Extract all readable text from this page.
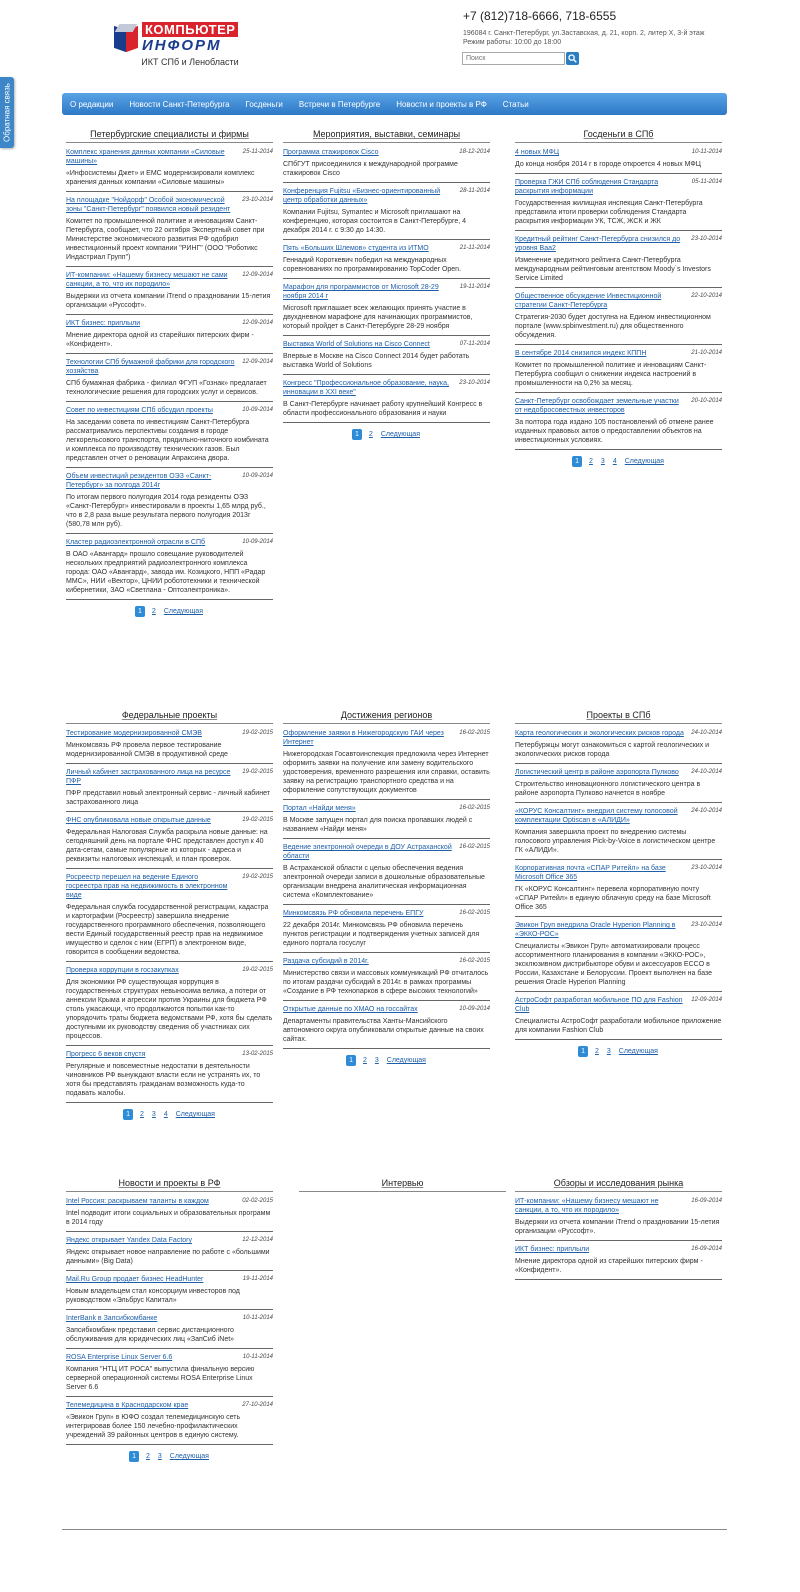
Обратная связь
КОМПЬЮТЕР
ИНФОРМ
ИКТ СПб и Ленобласти
+7 (812)718-6666, 718-6555
196084 г. Санкт-Петербург, ул.Заставская, д. 21, корп. 2, литер X, 3-й этаж
Режим работы: 10:00 до 18:00
Поиск
О редакции Новости Санкт-Петербурга Госденьги Встречи в Петербурге Новости и проекты в РФ Статьи
Петербургские специалисты и фирмы
Комплекс хранения данных компании «Силовые машины»
25-11-2014
«Инфосистемы Джет» и EMC модернизировали комплекс хранения данных компании «Силовые машины»
На площадке "Нойдорф" Особой экономической зоны "Санкт-Петербург" появился новый резидент
23-10-2014
Комитет по промышленной политике и инновациям Санкт-Петербурга, сообщает, что 22 октября Экспертный совет при Министерстве экономического развития РФ одобрил инвестиционный проект компании "РИНГ" (ООО "Роботикс Индастриал Групп")
ИТ-компании: «Нашему бизнесу мешают не сами санкции, а то, что их породило»
12-09-2014
Выдержки из отчета компании iTrend о праздновании 15-летия организации «Руссофт».
ИКТ бизнес: приплыли	12-09-2014
Мнение директора одной из старейших питерских фирм - «Конфидент».
Технологии СПб бумажной фабрики для городского хозяйства
12-09-2014
СПб бумажная фабрика - филиал ФГУП «Гознак» предлагает технологические решения для городских услуг и сервисов.
Совет по инвестициям СПб обсудил проекты	10-09-2014
На заседании совета по инвестициям Санкт-Петербурга рассматривались перспективы создания в городе легкорельсового транспорта, прядильно-ниточного комбината и комплекса по производству технических газов. Был представлен отчет о реновации Апраксина двора.
Объем инвестиций резидентов ОЭЗ «Санкт-Петербург» за полгода 2014г
10-09-2014
По итогам первого полугодия 2014 года резиденты ОЭЗ «Санкт-Петербург» инвестировали в проекты 1,65 млрд руб., что в 2,8 раза выше результата первого полугодия 2013г (580,78 млн руб).
Кластер радиоэлектронной отрасли в СПб	10-09-2014
В ОАО «Авангард» прошло совещание руководителей нескольких предприятий радиоэлектронного комплекса города: ОАО «Авангард», завода им. Козицкого, НПП «Радар ММС», НИИ «Вектор», ЦНИИ робототехники и технической кибернетики, ЗАО «Светлана - Оптоэлектроника».
1	2 Следующая
Мероприятия, выставки, семинары
Программа стажировок Cisco	18-12-2014
СПбГУТ присоединился к международной программе стажировок Cisco
Конференция Fujitsu «Бизнес-ориентированный центр обработки данных»
28-11-2014
Компании Fujitsu, Symantec и Microsoft приглашают на конференцию, которая состоится в Санкт-Петербурге, 4 декабря 2014 г. с 9:30 до 14:30.
Пять «Больших Шлемов» студента из ИТМО	21-11-2014
Геннадий Короткевич победил на международных соревнованиях по программированию TopCoder Open.
Марафон для программистов от Microsoft 28-29 ноября 2014 г
19-11-2014
Microsoft приглашает всех желающих принять участие в двухдневном марафоне для начинающих программистов, который пройдет в Санкт-Петербурге 28-29 ноября
Выставка World of Solutions на Cisco Connect	07-11-2014
Впервые в Москве на Cisco Connect 2014 будет работать выставка World of Solutions
Конгресс "Профессиональное образование, наука, инновации в XXI веке"
23-10-2014
В Санкт-Петербурге начинает работу крупнейший Конгресс в области профессионального образования и науки
1	2 Следующая
Госденьги в СПб
4 новых МФЦ	10-11-2014
До конца ноября 2014 г в городе откроется 4 новых МФЦ
Проверка ГЖИ СПб соблюдения Стандарта раскрытия информации
05-11-2014
Государственная жилищная инспекция Санкт-Петербурга представила итоги проверки соблюдения Стандарта раскрытия информации УК, ТСЖ, ЖСК и ЖК
Кредитный рейтинг Санкт-Петербурга снизился до уровня Baa2
23-10-2014
Изменение кредитного рейтинга Санкт-Петербурга международным рейтинговым агентством Moody`s Investors Service Limited
Общественное обсуждение Инвестиционной стратегии Санкт-Петербурга
22-10-2014
Стратегия-2030 будет доступна на Едином инвестиционном портале (www.spbinvestment.ru) для общественного обсуждения.
В сентябре 2014 снизился индекс КППН	21-10-2014
Комитет по промышленной политике и инновациям Санкт-Петербурга сообщил о снижении индекса настроений в промышленности на 0,2% за месяц.
Санкт-Петербург освобождает земельные участки от недобросовестных инвесторов
20-10-2014
За полтора года издано 105 постановлений об отмене ранее изданных правовых актов о предоставлении объектов на инвестиционных условиях.
1	2 3 4 Следующая
Федеральные проекты
Тестирование модернизированной СМЭВ	19-02-2015
Минкомсвязь РФ провела первое тестирование модернизированной СМЭВ в продуктивной среде
Личный кабинет застрахованного лица на ресурсе ПФР
19-02-2015
ПФР представил новый электронный сервис - личный кабинет застрахованного лица
ФНС опубликовала новые открытые данные	19-02-2015
Федеральная Налоговая Служба раскрыла новые данные: на сегодняшний день на портале ФНС представлен доступ к 40 дата-сетам, самые популярные из которых - адреса и реквизиты налоговых инспекций, и план проверок.
Росреестр перешел на ведение Единого госреестра прав на недвижимость в электронном виде
19-02-2015
Федеральная служба государственной регистрации, кадастра и картографии (Росреестр) завершила внедрение государственного программного обеспечения, позволяющего вести Единый государственный реестр прав на недвижимое имущество и сделок с ним (ЕГРП) в электронном виде, говорится в сообщении ведомства.
Проверка коррупции в госзакупках	19-02-2015
Для экономики РФ существующая коррупция в государственных структурах невыносима велика, а потери от аннексии Крыма и агрессии против Украины для бюджета РФ столь ужасающи, что продолжаются попытки как-то упорядочить траты бюджета ведомствами РФ, хотя бы сделать доступными их руководству сведения об участниках сих процессов.
Прогресс 6 веков спустя	13-02-2015
Регулярные и повсеместные недостатки в деятельности чиновников РФ вынуждают власти если не устранять их, то хотя бы представлять гражданам возможность куда-то подавать жалобы.
1	2 3 4 Следующая
Достижения регионов
Оформление заявки в Нижегородскую ГАИ через Интернет
16-02-2015
Нижегородская Госавтоинспекция предложила через Интернет оформить заявки на получение или замену водительского удостоверения, временного разрешения или справки, оставить заявку на регистрацию транспортного средства и на оформление сопутствующих документов
Портал «Найди меня»	16-02-2015
В Москве запущен портал для поиска пропавших людей с названием «Найди меня»
Ведение электронной очереди в ДОУ Астраханской области
16-02-2015
В Астраханской области с целью обеспечения ведения электронной очереди записи в дошкольные образовательные организации внедрена аналитическая информационная система «Комплектование»
Минкомсвязь РФ обновила перечень ЕПГУ	16-02-2015
22 декабря 2014г. Минкомсвязь РФ обновила перечень пунктов регистрации и подтверждения учетных записей для единого портала госуслуг
Раздача субсидий в 2014г.	16-02-2015
Министерство связи и массовых коммуникаций РФ отчиталось по итогам раздачи субсидий в 2014г. в рамках программы «Создание в РФ технопарков в сфере высоких технологий»
Открытые данные по ХМАО на госсайтах	10-09-2014
Департаменты правительства Ханты-Мансийского автономного округа опубликовали открытые данные на своих сайтах.
1	2 3 Следующая
Проекты в СПб
Карта геологических и экологических рисков города 24-10-2014
Петербуржцы могут ознакомиться с картой геологических и экологических рисков города
Логистический центр в районе аэропорта Пулково	24-10-2014
Строительство инновационного логистического центра в районе аэропорта Пулково начнется в ноябре
«КОРУС Консалтинг» внедрил систему голосовой комплектации Optiscan в «АЛИДИ»
24-10-2014
Компания завершила проект по внедрению системы голосового управления Pick-by-Voice в логистическом центре ГК «АЛИДИ».
Корпоративная почта «СПАР Ритейл» на базе Microsoft Office 365
23-10-2014
ГК «КОРУС Консалтинг» перевела корпоративную почту «СПАР Ритейл» в единую облачную среду на базе Microsoft Office 365
Эвикон Груп внедрила Oracle Hyperion Planning в «ЭККО-РОС»
23-10-2014
Специалисты «Эвикон Груп» автоматизировали процесс ассортиментного планирования в компании «ЭККО-РОС», эксклюзивном дистрибьюторе обуви и аксессуаров ECCO в России, Казахстане и Белоруссии. Проект выполнен на базе решения Oracle Hyperion Planning
АстроСофт разработал мобильное ПО для Fashion Club
12-09-2014
Специалисты АстроСофт разработали мобильное приложение для компании Fashion Club
1	2 3 Следующая
Новости и проекты в РФ
Intel Россия: раскрываем таланты в каждом	02-02-2015
Intel подводит итоги социальных и образовательных программ в 2014 году
Яндекс открывает Yandex Data Factory	12-12-2014
Яндекс открывает новое направление по работе с «большими данными» (Big Data)
Mail.Ru Group продает бизнес HeadHunter	19-11-2014
Новым владельцем стал консорциум инвесторов под руководством «Эльбрус Капитал»
InterBank в Запсибкомбанке	10-11-2014
Запсибкомбанк представил сервис дистанционного обслуживания для юридических лиц «ЗапСиб iNet»
ROSA Enterprise Linux Server 6.6	10-11-2014
Компания "НТЦ ИТ РОСА" выпустила финальную версию серверной операционной системы ROSA Enterprise Linux Server 6.6
Телемедицина в Краснодарском крае	27-10-2014
«Эвикон Груп» в ЮФО создал телемедицинскую сеть интегрировав более 150 лечебно-профилактических учреждений 39 районных центров в единую систему.
1	2 3 Следующая
Интервью	Обзоры и исследования рынка
ИТ-компании: «Нашему бизнесу мешают не санкции, а то, что их породило»
16-09-2014
Выдержки из отчета компании iTrend о праздновании 15-летия организации «Руссофт».
ИКТ бизнес: приплыли	16-09-2014
Мнение директора одной из старейших питерских фирм - «Конфидент».
